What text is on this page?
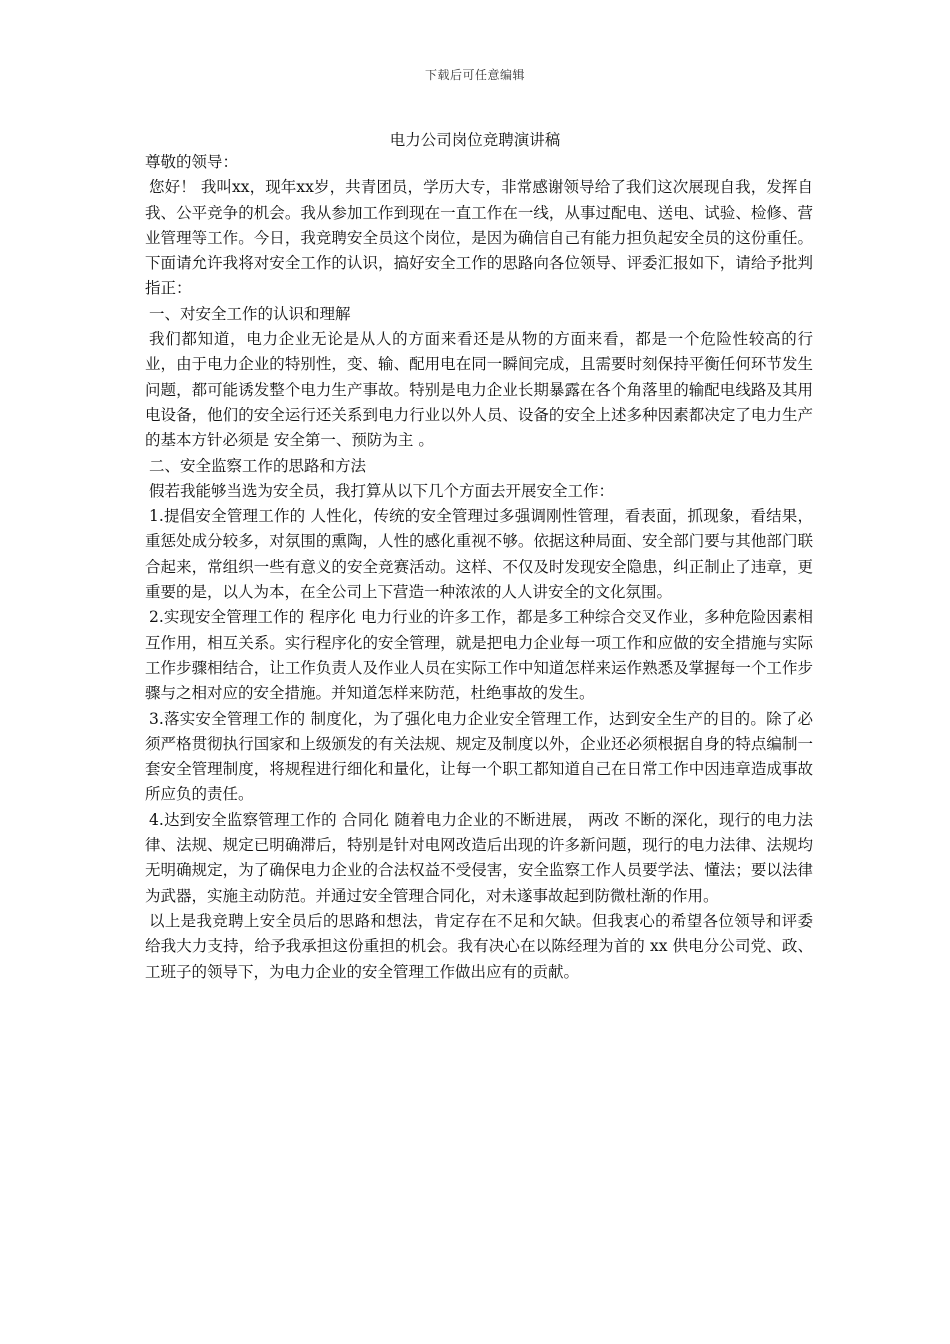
下载后可任意编辑
电力公司岗位竞聘演讲稿

尊敬的领导：

您好！ 我叫xx，现年xx岁，共青团员，学历大专，非常感谢领导给了我们这次展现自我，发挥自我、公平竞争的机会。我从参加工作到现在一直工作在一线，从事过配电、送电、试验、检修、营业管理等工作。今日，我竞聘安全员这个岗位，是因为确信自己有能力担负起安全员的这份重任。下面请允许我将对安全工作的认识，搞好安全工作的思路向各位领导、评委汇报如下，请给予批判指正：

一、对安全工作的认识和理解

我们都知道，电力企业无论是从人的方面来看还是从物的方面来看，都是一个危险性较高的行业，由于电力企业的特别性，变、输、配用电在同一瞬间完成，且需要时刻保持平衡任何环节发生问题，都可能诱发整个电力生产事故。特别是电力企业长期暴露在各个角落里的输配电线路及其用电设备，他们的安全运行还关系到电力行业以外人员、设备的安全上述多种因素都决定了电力生产的基本方针必须是 安全第一、预防为主 。

二、安全监察工作的思路和方法

假若我能够当选为安全员，我打算从以下几个方面去开展安全工作：

1.提倡安全管理工作的 人性化，传统的安全管理过多强调刚性管理，看表面，抓现象，看结果，重惩处成分较多，对氛围的熏陶，人性的感化重视不够。依据这种局面、安全部门要与其他部门联合起来，常组织一些有意义的安全竞赛活动。这样、不仅及时发现安全隐患，纠正制止了违章，更重要的是，以人为本，在全公司上下营造一种浓浓的人人讲安全的文化氛围。

2.实现安全管理工作的 程序化 电力行业的许多工作，都是多工种综合交叉作业，多种危险因素相互作用，相互关系。实行程序化的安全管理，就是把电力企业每一项工作和应做的安全措施与实际工作步骤相结合，让工作负责人及作业人员在实际工作中知道怎样来运作熟悉及掌握每一个工作步骤与之相对应的安全措施。并知道怎样来防范，杜绝事故的发生。

3.落实安全管理工作的 制度化，为了强化电力企业安全管理工作，达到安全生产的目的。除了必须严格贯彻执行国家和上级颁发的有关法规、规定及制度以外，企业还必须根据自身的特点编制一套安全管理制度，将规程进行细化和量化，让每一个职工都知道自己在日常工作中因违章造成事故所应负的责任。

4.达到安全监察管理工作的 合同化 随着电力企业的不断进展， 两改 不断的深化，现行的电力法律、法规、规定已明确滞后，特别是针对电网改造后出现的许多新问题，现行的电力法律、法规均无明确规定，为了确保电力企业的合法权益不受侵害，安全监察工作人员要学法、懂法；要以法律为武器，实施主动防范。并通过安全管理合同化，对未遂事故起到防微杜渐的作用。

以上是我竞聘上安全员后的思路和想法，肯定存在不足和欠缺。但我衷心的希望各位领导和评委给我大力支持，给予我承担这份重担的机会。我有决心在以陈经理为首的 xx 供电分公司党、政、工班子的领导下，为电力企业的安全管理工作做出应有的贡献。
